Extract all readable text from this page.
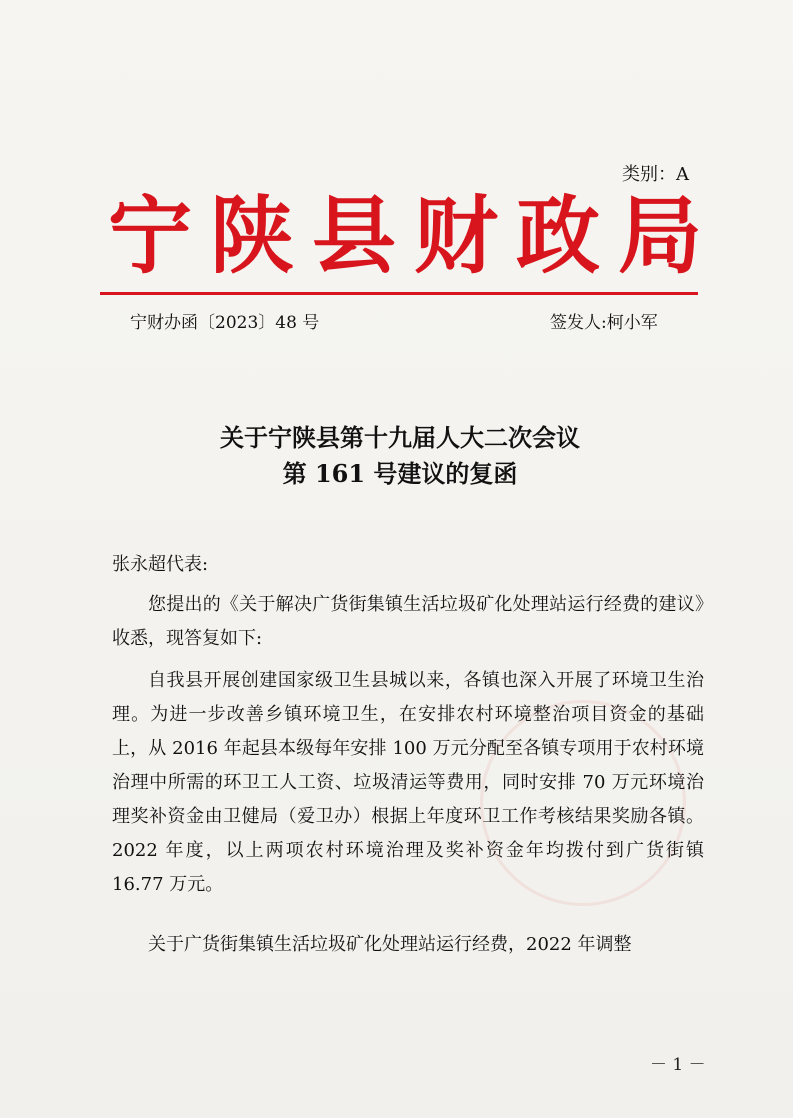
类别：A
宁陕县财政局
宁财办函〔2023〕48 号	签发人:柯小军
关于宁陕县第十九届人大二次会议
第 161 号建议的复函
张永超代表:
您提出的《关于解决广货街集镇生活垃圾矿化处理站运行经费的建议》收悉，现答复如下:
自我县开展创建国家级卫生县城以来，各镇也深入开展了环境卫生治理。为进一步改善乡镇环境卫生，在安排农村环境整治项目资金的基础上，从 2016 年起县本级每年安排 100 万元分配至各镇专项用于农村环境治理中所需的环卫工人工资、垃圾清运等费用，同时安排 70 万元环境治理奖补资金由卫健局（爱卫办）根据上年度环卫工作考核结果奖励各镇。2022 年度，以上两项农村环境治理及奖补资金年均拨付到广货街镇 16.77 万元。
关于广货街集镇生活垃圾矿化处理站运行经费，2022 年调整
－ 1 －
